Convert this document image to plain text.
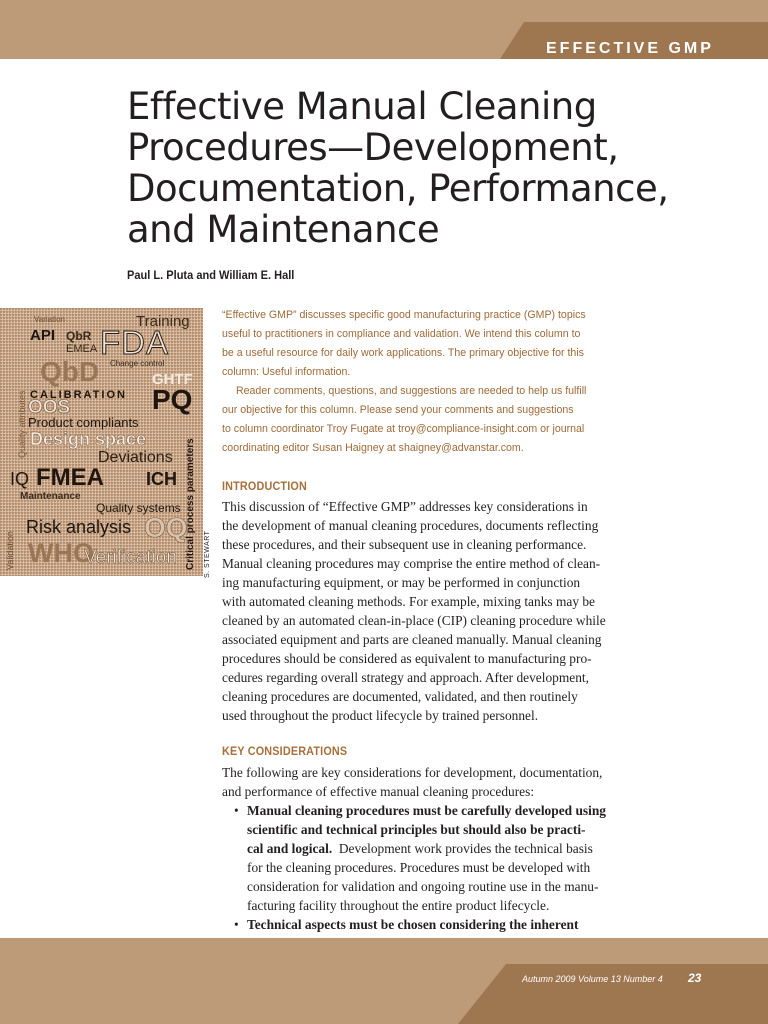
EFFECTIVE GMP
Effective Manual Cleaning
Procedures—Development,
Documentation, Performance,
and Maintenance
Paul L. Pluta and William E. Hall
Training
API QbR FDA
EMEA
QbD	GHTF
CALIBRATION PQ
OOS
Product compliants
Design space
Deviations
FMEA ICH
Maintenance
Quality systems
OQ
Risk analysis
WHO
Verification Critical process parameters
Validation
Quality attributes
Change control
Variation
IQ
S. STEWART

“Effective GMP” discusses specific good manufacturing practice (GMP) topics
useful to practitioners in compliance and validation. We intend this column to
be a useful resource for daily work applications. The primary objective for this
column: Useful information.

Reader comments, questions, and suggestions are needed to help us fulfill
our objective for this column. Please send your comments and suggestions
to column coordinator Troy Fugate at troy@compliance-insight.com or journal
coordinating editor Susan Haigney at shaigney@advanstar.com.

INTRODUCTION
This discussion of “Effective GMP” addresses key considerations in
the development of manual cleaning procedures, documents reflecting
these procedures, and their subsequent use in cleaning performance.
Manual cleaning procedures may comprise the entire method of clean-
ing manufacturing equipment, or may be performed in conjunction
with automated cleaning methods. For example, mixing tanks may be
cleaned by an automated clean-in-place (CIP) cleaning procedure while
associated equipment and parts are cleaned manually. Manual cleaning
procedures should be considered as equivalent to manufacturing pro-
cedures regarding overall strategy and approach. After development,
cleaning procedures are documented, validated, and then routinely
used throughout the product lifecycle by trained personnel.
KEY CONSIDERATIONS
The following are key considerations for development, documentation,
and performance of effective manual cleaning procedures:
• Manual cleaning procedures must be carefully developed using
scientific and technical principles but should also be practi-
cal and logical.  Development work provides the technical basis
for the cleaning procedures. Procedures must be developed with
consideration for validation and ongoing routine use in the manu-
facturing facility throughout the entire product lifecycle.
• Technical aspects must be chosen considering the inherent
Autumn 2009 Volume 13 Number 4 23
